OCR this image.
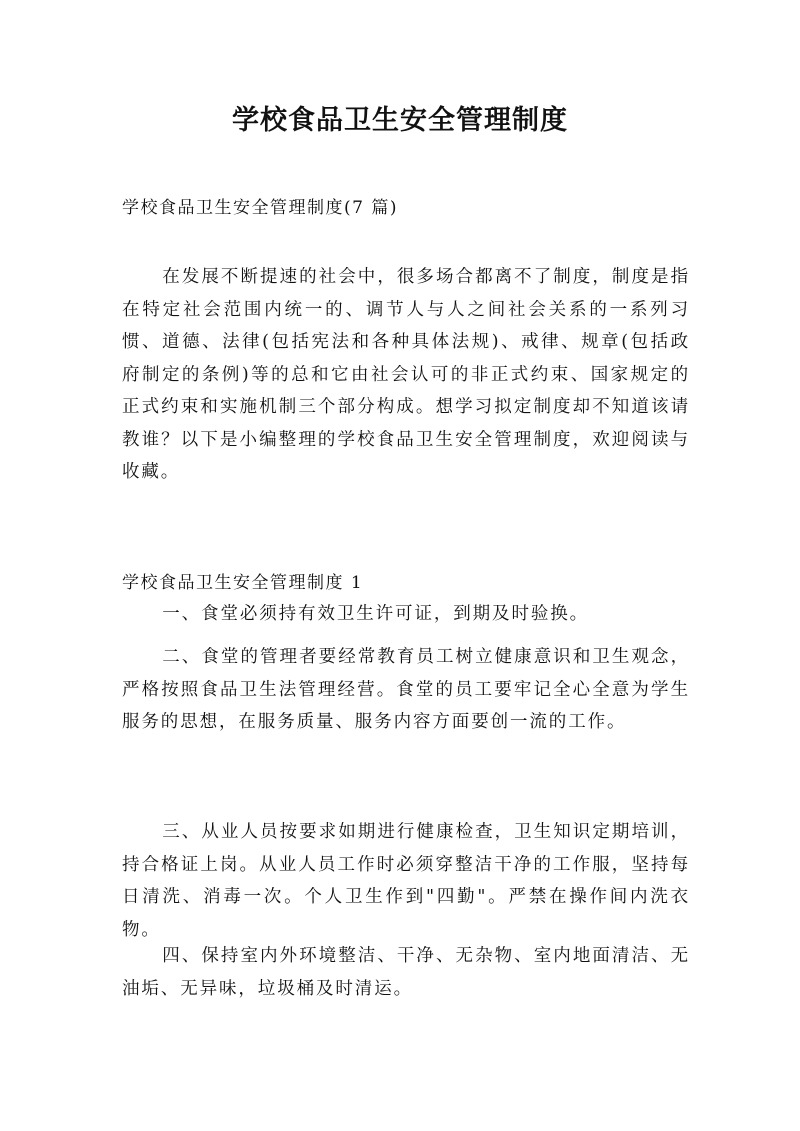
学校食品卫生安全管理制度

学校食品卫生安全管理制度(7 篇)

在发展不断提速的社会中，很多场合都离不了制度，制度是指在特定社会范围内统一的、调节人与人之间社会关系的一系列习惯、道德、法律(包括宪法和各种具体法规)、戒律、规章(包括政府制定的条例)等的总和它由社会认可的非正式约束、国家规定的正式约束和实施机制三个部分构成。想学习拟定制度却不知道该请教谁？以下是小编整理的学校食品卫生安全管理制度，欢迎阅读与收藏。

学校食品卫生安全管理制度 1

一、食堂必须持有效卫生许可证，到期及时验换。

二、食堂的管理者要经常教育员工树立健康意识和卫生观念，严格按照食品卫生法管理经营。食堂的员工要牢记全心全意为学生服务的思想，在服务质量、服务内容方面要创一流的工作。

三、从业人员按要求如期进行健康检查，卫生知识定期培训，持合格证上岗。从业人员工作时必须穿整洁干净的工作服，坚持每日清洗、消毒一次。个人卫生作到"四勤"。严禁在操作间内洗衣物。

四、保持室内外环境整洁、干净、无杂物、室内地面清洁、无油垢、无异味，垃圾桶及时清运。
